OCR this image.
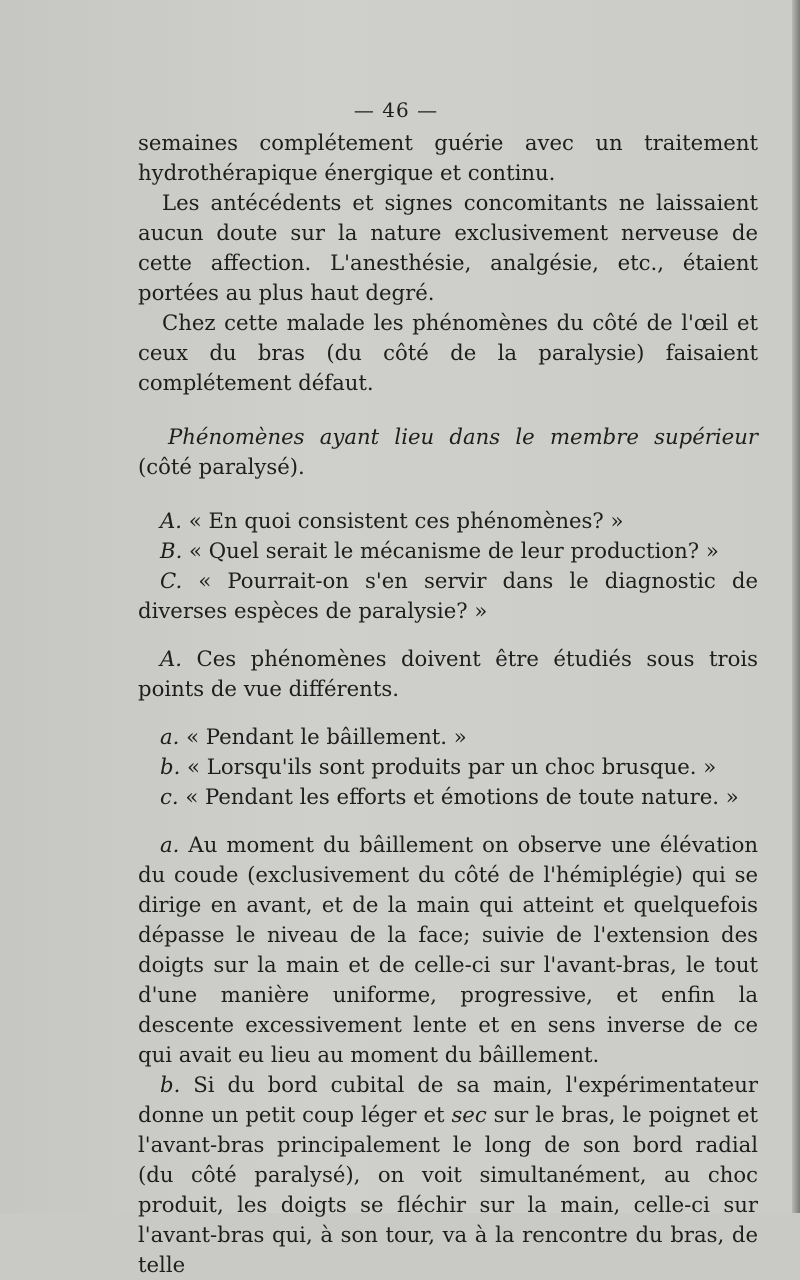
— 46 —

semaines complétement guérie avec un traitement hydrothérapique énergique et continu.

Les antécédents et signes concomitants ne laissaient aucun doute sur la nature exclusivement nerveuse de cette affection. L'anesthésie, analgésie, etc., étaient portées au plus haut degré.

Chez cette malade les phénomènes du côté de l'œil et ceux du bras (du côté de la paralysie) faisaient complétement défaut.

Phénomènes ayant lieu dans le membre supérieur (côté paralysé).

A. « En quoi consistent ces phénomènes? »

B. « Quel serait le mécanisme de leur production? »

C. « Pourrait-on s'en servir dans le diagnostic de diverses espèces de paralysie? »

A. Ces phénomènes doivent être étudiés sous trois points de vue différents.

a. « Pendant le bâillement. »

b. « Lorsqu'ils sont produits par un choc brusque. »

c. « Pendant les efforts et émotions de toute nature. »

a. Au moment du bâillement on observe une élévation du coude (exclusivement du côté de l'hémiplégie) qui se dirige en avant, et de la main qui atteint et quelquefois dépasse le niveau de la face; suivie de l'extension des doigts sur la main et de celle-ci sur l'avant-bras, le tout d'une manière uniforme, progressive, et enfin la descente excessivement lente et en sens inverse de ce qui avait eu lieu au moment du bâillement.

b. Si du bord cubital de sa main, l'expérimentateur donne un petit coup léger et sec sur le bras, le poignet et l'avant-bras principalement le long de son bord radial (du côté paralysé), on voit simultanément, au choc produit, les doigts se fléchir sur la main, celle-ci sur l'avant-bras qui, à son tour, va à la rencontre du bras, de telle
